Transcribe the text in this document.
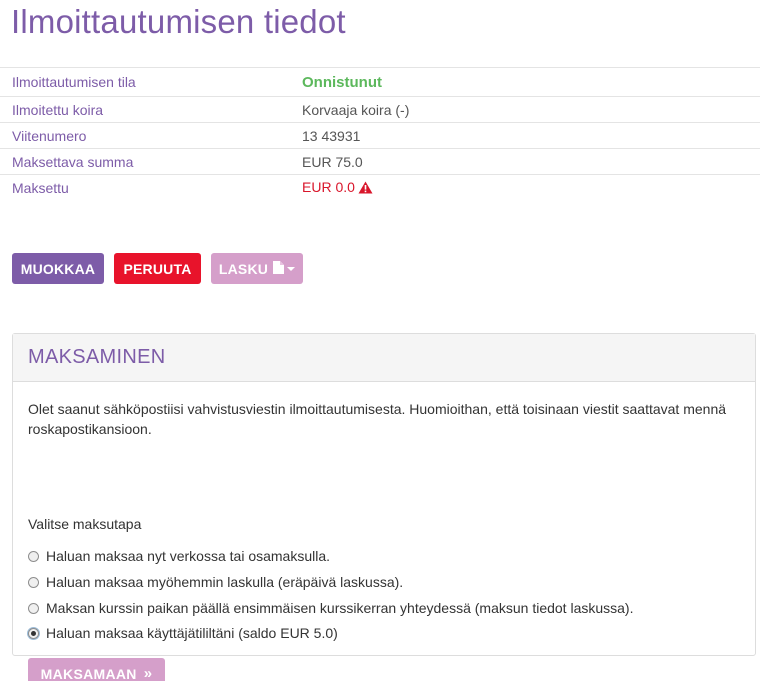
Ilmoittautumisen tiedot
Ilmoittautumisen tila	Onnistunut
Ilmoitettu koira	Korvaaja koira (-)
Viitenumero	13 43931
Maksettava summa	EUR 75.0
Maksettu	EUR 0.0
MUOKKAA	PERUUTA	LASKU
MAKSAMINEN

Olet saanut sähköpostiisi vahvistusviestin ilmoittautumisesta. Huomioithan, että toisinaan viestit saattavat mennä roskapostikansioon.

Valitse maksutapa
Haluan maksaa nyt verkossa tai osamaksulla.
Haluan maksaa myöhemmin laskulla (eräpäivä laskussa).
Maksan kurssin paikan päällä ensimmäisen kurssikerran yhteydessä (maksun tiedot laskussa).
Haluan maksaa käyttäjätililtäni (saldo EUR 5.0)
MAKSAMAAN »
